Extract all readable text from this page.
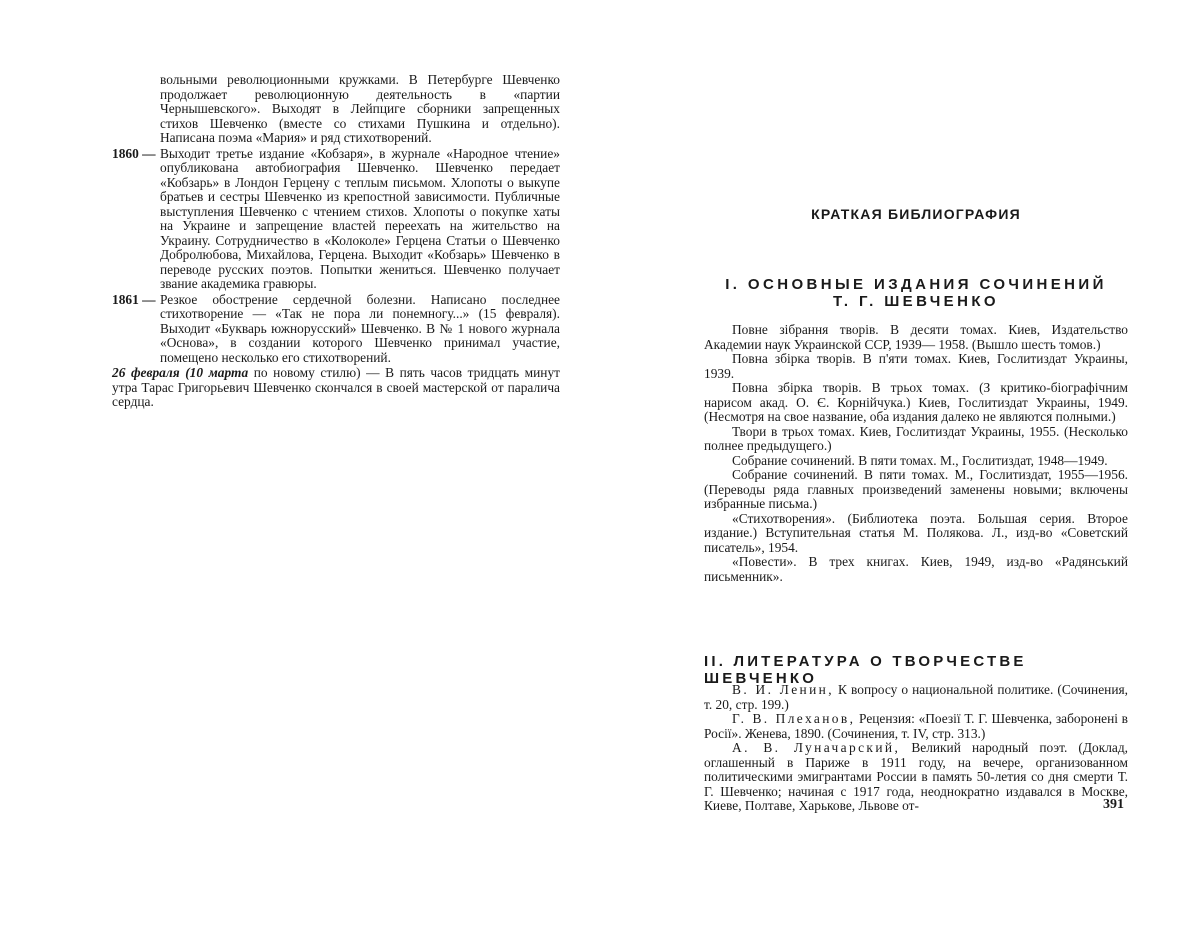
вольными революционными кружками. В Петербурге Шевченко продолжает революционную деятельность в «партии Чернышевского». Выходят в Лейпциге сборники запрещенных стихов Шевченко (вместе со стихами Пушкина и отдельно). Написана поэма «Мария» и ряд стихотворений.

1860 — Выходит третье издание «Кобзаря», в журнале «Народное чтение» опубликована автобиография Шевченко. Шевченко передает «Кобзарь» в Лондон Герцену с теплым письмом. Хлопоты о выкупе братьев и сестры Шевченко из крепостной зависимости. Публичные выступления Шевченко с чтением стихов. Хлопоты о покупке хаты на Украине и запрещение властей переехать на жительство на Украину. Сотрудничество в «Колоколе» Герцена Статьи о Шевченко Добролюбова, Михайлова, Герцена. Выходит «Кобзарь» Шевченко в переводе русских поэтов. Попытки жениться. Шевченко получает звание академика гравюры.

1861 — Резкое обострение сердечной болезни. Написано последнее стихотворение — «Так не пора ли понемногу...» (15 февраля). Выходит «Букварь южнорусский» Шевченко. В № 1 нового журнала «Основа», в создании которого Шевченко принимал участие, помещено несколько его стихотворений.

26 февраля (10 марта по новому стилю) — В пять часов тридцать минут утра Тарас Григорьевич Шевченко скончался в своей мастерской от паралича сердца.

КРАТКАЯ БИБЛИОГРАФИЯ
I. ОСНОВНЫЕ ИЗДАНИЯ СОЧИНЕНИЙ
Т. Г. ШЕВЧЕНКО

Повне зібрання творів. В десяти томах. Киев, Издательство Академии наук Украинской ССР, 1939— 1958. (Вышло шесть томов.)

Повна збірка творів. В п'яти томах. Киев, Гослитиздат Украины, 1939.

Повна збірка творів. В трьох томах. (З критико-біографічним нарисом акад. О. Є. Корнійчука.) Киев, Гослитиздат Украины, 1949. (Несмотря на свое название, оба издания далеко не являются полными.)

Твори в трьох томах. Киев, Гослитиздат Украины, 1955. (Несколько полнее предыдущего.)

Собрание сочинений. В пяти томах. М., Гослитиздат, 1948—1949.

Собрание сочинений. В пяти томах. М., Гослитиздат, 1955—1956. (Переводы ряда главных произведений заменены новыми; включены избранные письма.)

«Стихотворения». (Библиотека поэта. Большая серия. Второе издание.) Вступительная статья М. Полякова. Л., изд-во «Советский писатель», 1954.

«Повести». В трех книгах. Киев, 1949, изд-во «Радянський письменник».

II. ЛИТЕРАТУРА О ТВОРЧЕСТВЕ ШЕВЧЕНКО

В. И. Ленин, К вопросу о национальной политике. (Сочинения, т. 20, стр. 199.)

Г. В. Плеханов, Рецензия: «Поезії Т. Г. Шевченка, заборонені в Росії». Женева, 1890. (Сочинения, т. IV, стр. 313.)

А. В. Луначарский, Великий народный поэт. (Доклад, оглашенный в Париже в 1911 году, на вечере, организованном политическими эмигрантами России в память 50-летия со дня смерти Т. Г. Шевченко; начиная с 1917 года, неоднократно издавался в Москве, Киеве, Полтаве, Харькове, Львове от-	391
